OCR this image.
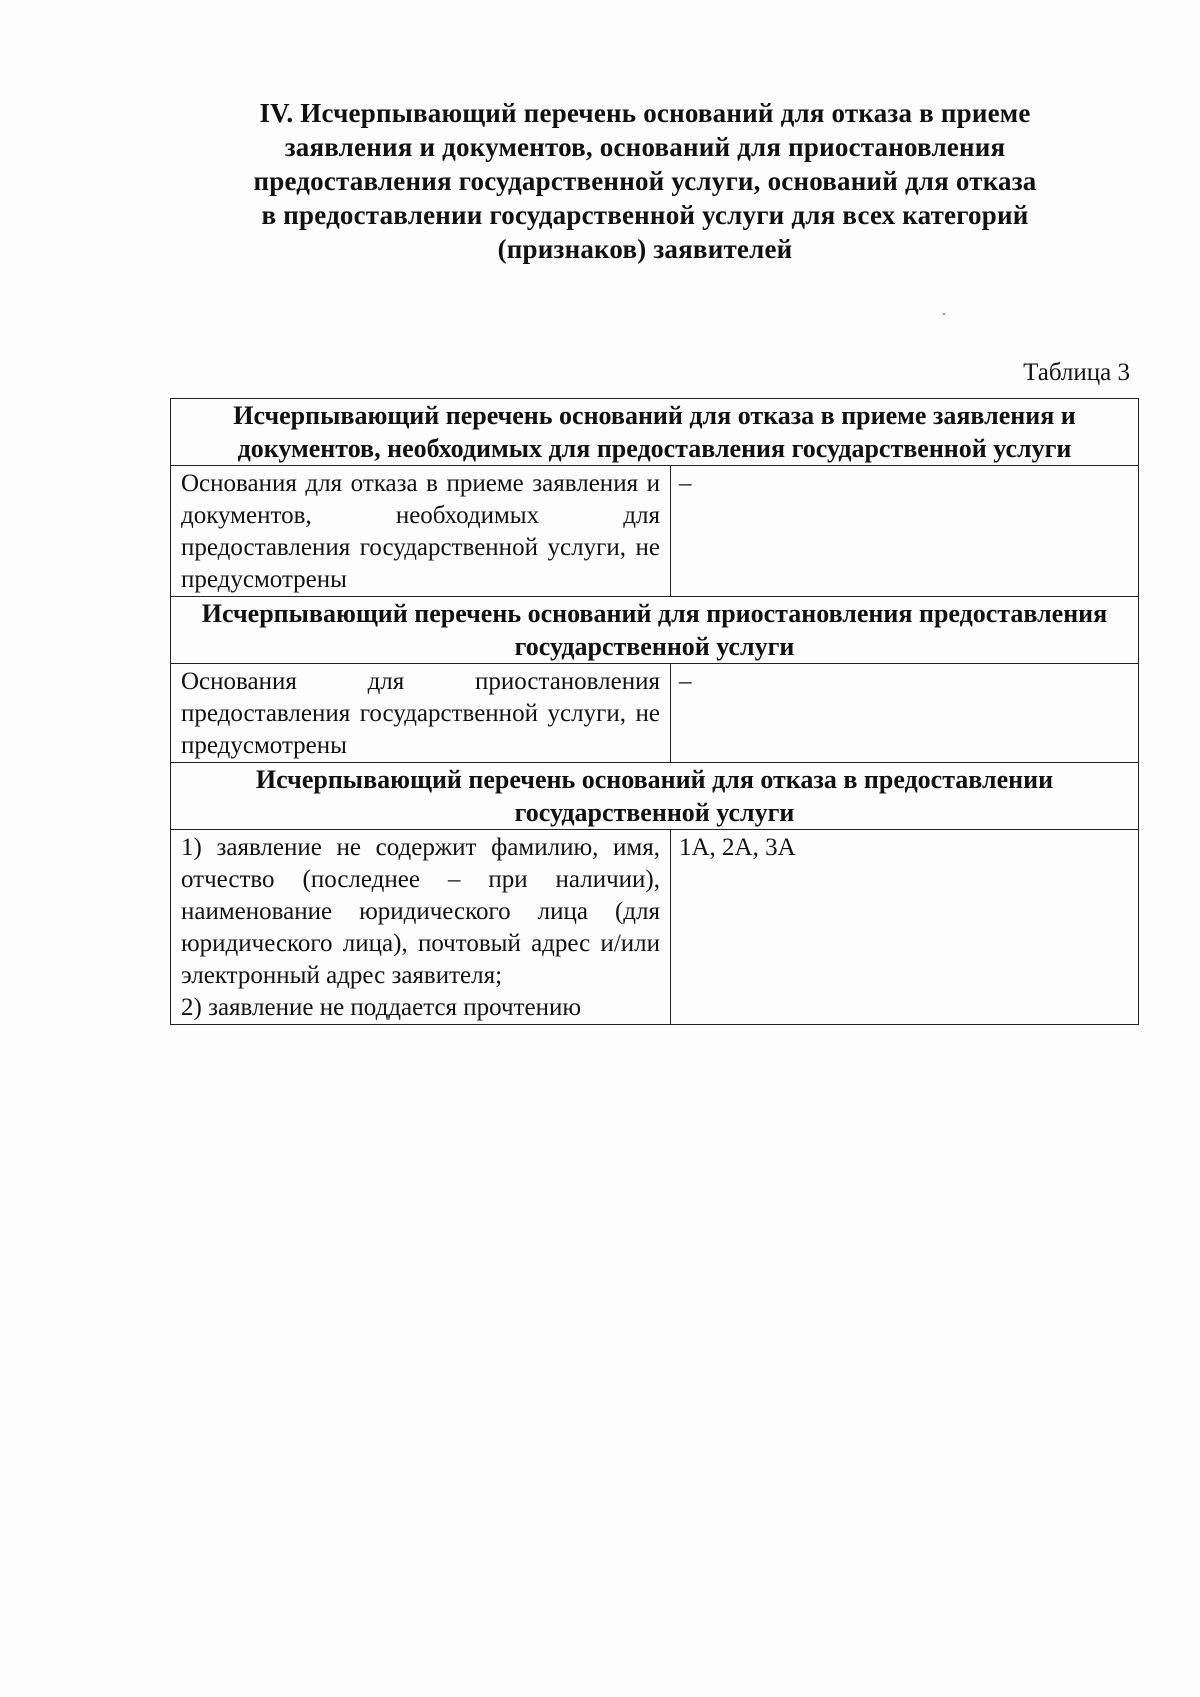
IV. Исчерпывающий перечень оснований для отказа в приеме
заявления и документов, оснований для приостановления
предоставления государственной услуги, оснований для отказа
в предоставлении государственной услуги для всех категорий
(признаков) заявителей
Таблица 3
Исчерпывающий перечень оснований для отказа в приеме заявления и документов, необходимых для предоставления государственной услуги	

Основания для отказа в приеме заявления и документов, необходимых для предоставления государственной услуги, не предусмотрены	–
Исчерпывающий перечень оснований для приостановления предоставления государственной услуги	

Основания для приостановления предоставления государственной услуги, не предусмотрены	–
Исчерпывающий перечень оснований для отказа в предоставлении государственной услуги	

1) заявление не содержит фамилию, имя, отчество (последнее – при наличии), наименование юридического лица (для юридического лица), почтовый адрес и/или электронный адрес заявителя;
2) заявление не поддается прочтению	1А, 2А, 3А
